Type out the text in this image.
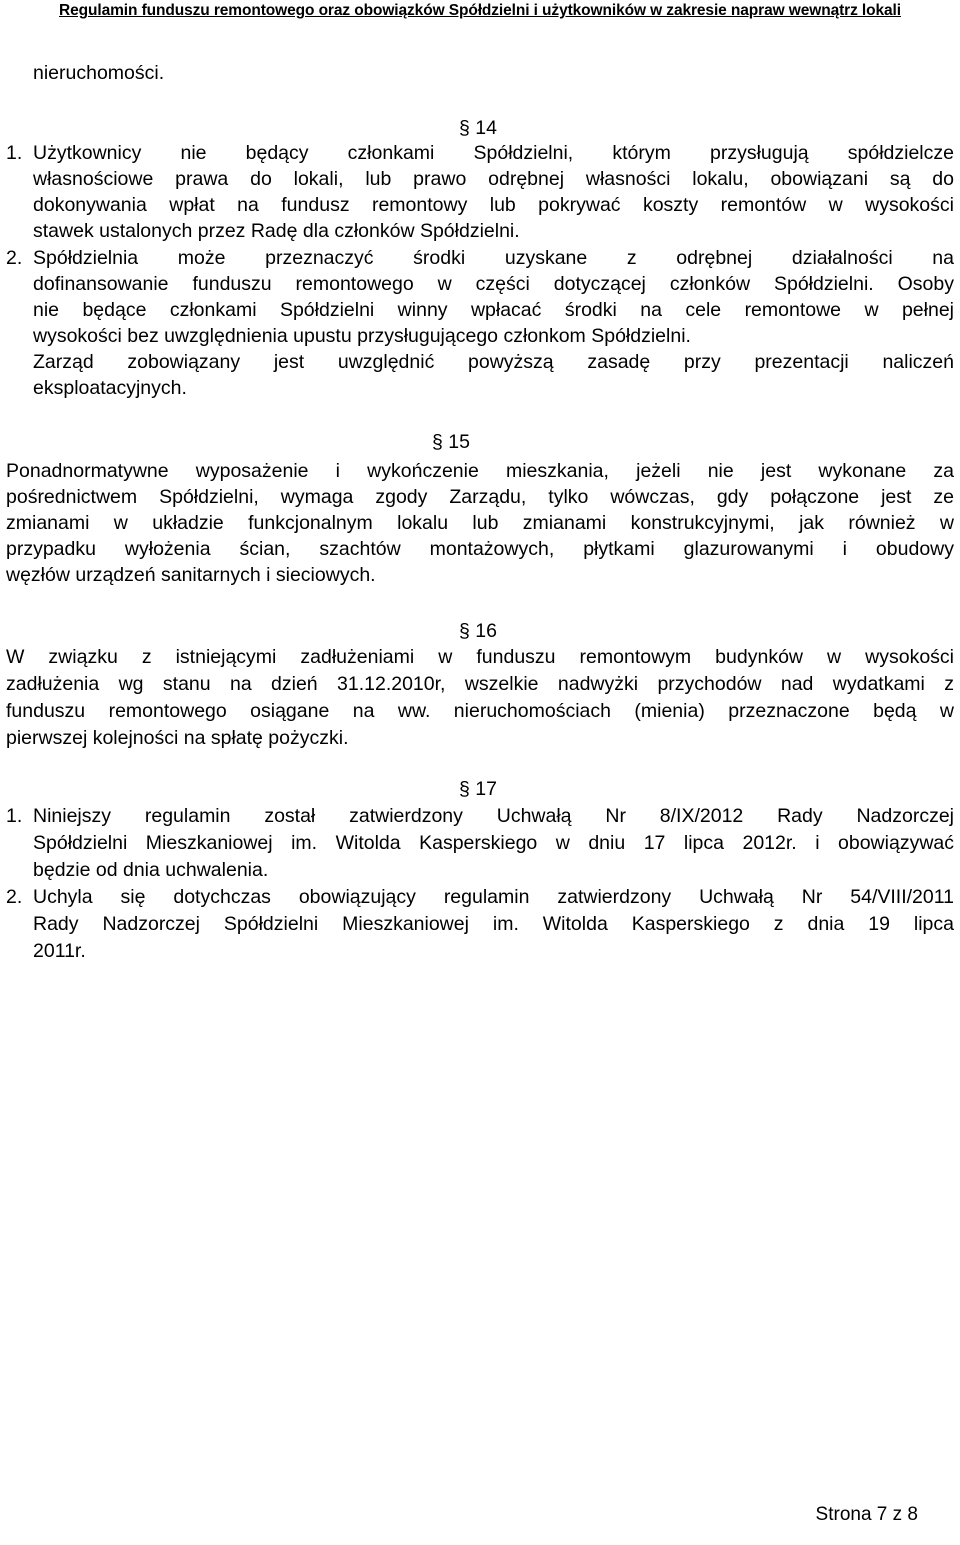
Regulamin funduszu remontowego oraz obowiązków Spółdzielni i użytkowników w zakresie napraw wewnątrz lokali
nieruchomości.
§ 14
1. Użytkownicy nie będący członkami Spółdzielni, którym przysługują spółdzielcze
własnościowe prawa do lokali, lub prawo odrębnej własności lokalu, obowiązani są do
dokonywania wpłat na fundusz remontowy lub pokrywać koszty remontów w wysokości
stawek ustalonych przez Radę dla członków Spółdzielni.
2. Spółdzielnia może przeznaczyć środki uzyskane z odrębnej działalności na
dofinansowanie funduszu remontowego w części dotyczącej członków Spółdzielni. Osoby
nie będące członkami Spółdzielni winny wpłacać środki na cele remontowe w pełnej
wysokości bez uwzględnienia upustu przysługującego członkom Spółdzielni.
Zarząd zobowiązany jest uwzględnić powyższą zasadę przy prezentacji naliczeń
eksploatacyjnych.
§ 15
Ponadnormatywne wyposażenie i wykończenie mieszkania, jeżeli nie jest wykonane za
pośrednictwem Spółdzielni, wymaga zgody Zarządu, tylko wówczas, gdy połączone jest ze
zmianami w układzie funkcjonalnym lokalu lub zmianami konstrukcyjnymi, jak również w
przypadku wyłożenia ścian, szachtów montażowych, płytkami glazurowanymi i obudowy
węzłów urządzeń sanitarnych i sieciowych.
§ 16
W związku z istniejącymi zadłużeniami w funduszu remontowym budynków w wysokości
zadłużenia wg stanu na dzień 31.12.2010r, wszelkie nadwyżki przychodów nad wydatkami z
funduszu remontowego osiągane na ww. nieruchomościach (mienia) przeznaczone będą w
pierwszej kolejności na spłatę pożyczki.
§ 17
1. Niniejszy regulamin został zatwierdzony Uchwałą Nr 8/IX/2012 Rady Nadzorczej
Spółdzielni Mieszkaniowej im. Witolda Kasperskiego w dniu 17 lipca 2012r. i obowiązywać
będzie od dnia uchwalenia.
2. Uchyla się dotychczas obowiązujący regulamin zatwierdzony Uchwałą Nr 54/VIII/2011
Rady Nadzorczej Spółdzielni Mieszkaniowej im. Witolda Kasperskiego z dnia 19 lipca
2011r.
Strona 7 z 8
